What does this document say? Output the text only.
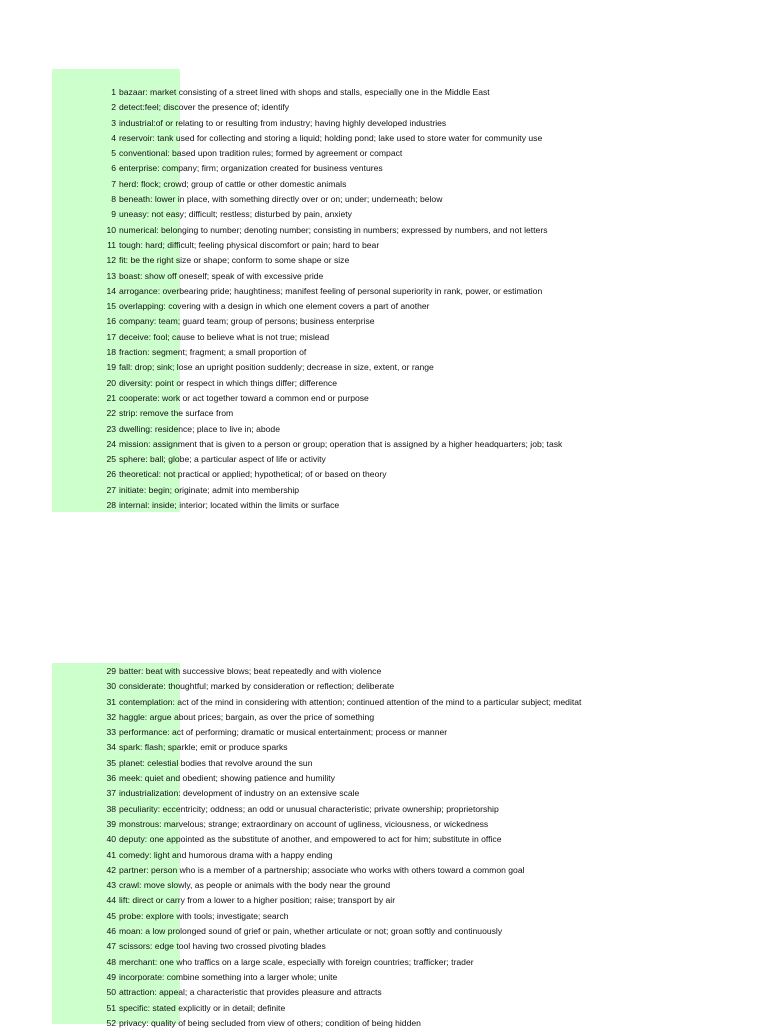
1 bazaar: market consisting of a street lined with shops and stalls, especially one in the Middle East
2 detect:feel; discover the presence of; identify
3 industrial:of or relating to or resulting from industry; having highly developed industries
4 reservoir: tank used for collecting and storing a liquid; holding pond; lake used to store water for community use
5 conventional: based upon tradition rules; formed by agreement or compact
6 enterprise: company; firm; organization created for business ventures
7 herd: flock; crowd; group of cattle or other domestic animals
8 beneath: lower in place, with something directly over or on; under; underneath; below
9 uneasy: not easy; difficult; restless; disturbed by pain, anxiety
10 numerical: belonging to number; denoting number; consisting in numbers; expressed by numbers, and not letters
11 tough: hard; difficult; feeling physical discomfort or pain; hard to bear
12 fit: be the right size or shape; conform to some shape or size
13 boast: show off oneself; speak of with excessive pride
14 arrogance: overbearing pride; haughtiness; manifest feeling of personal superiority in rank, power, or estimation
15 overlapping: covering with a design in which one element covers a part of another
16 company: team; guard team; group of persons; business enterprise
17 deceive: fool; cause to believe what is not true; mislead
18 fraction: segment; fragment; a small proportion of
19 fall: drop; sink; lose an upright position suddenly; decrease in size, extent, or range
20 diversity: point or respect in which things differ; difference
21 cooperate: work or act together toward a common end or purpose
22 strip: remove the surface from
23 dwelling: residence; place to live in; abode
24 mission: assignment that is given to a person or group; operation that is assigned by a higher headquarters; job; task
25 sphere: ball; globe; a particular aspect of life or activity
26 theoretical: not practical or applied; hypothetical; of or based on theory
27 initiate: begin; originate; admit into membership
28 internal: inside; interior; located within the limits or surface
29 batter: beat with successive blows; beat repeatedly and with violence
30 considerate: thoughtful; marked by consideration or reflection; deliberate
31 contemplation: act of the mind in considering with attention; continued attention of the mind to a particular subject; meditat
32 haggle: argue about prices; bargain, as over the price of something
33 performance: act of performing; dramatic or musical entertainment; process or manner
34 spark: flash; sparkle; emit or produce sparks
35 planet: celestial bodies that revolve around the sun
36 meek: quiet and obedient; showing patience and humility
37 industrialization: development of industry on an extensive scale
38 peculiarity: eccentricity; oddness; an odd or unusual characteristic; private ownership; proprietorship
39 monstrous: marvelous; strange; extraordinary on account of ugliness, viciousness, or wickedness
40 deputy: one appointed as the substitute of another, and empowered to act for him; substitute in office
41 comedy: light and humorous drama with a happy ending
42 partner: person who is a member of a partnership; associate who works with others toward a common goal
43 crawl: move slowly, as people or animals with the body near the ground
44 lift: direct or carry from a lower to a higher position; raise; transport by air
45 probe: explore with tools; investigate; search
46 moan: a low prolonged sound of grief or pain, whether articulate or not; groan softly and continuously
47 scissors: edge tool having two crossed pivoting blades
48 merchant: one who traffics on a large scale, especially with foreign countries; trafficker; trader
49 incorporate: combine something into a larger whole; unite
50 attraction: appeal; a characteristic that provides pleasure and attracts
51 specific: stated explicitly or in detail; definite
52 privacy: quality of being secluded from view of others; condition of being hidden
